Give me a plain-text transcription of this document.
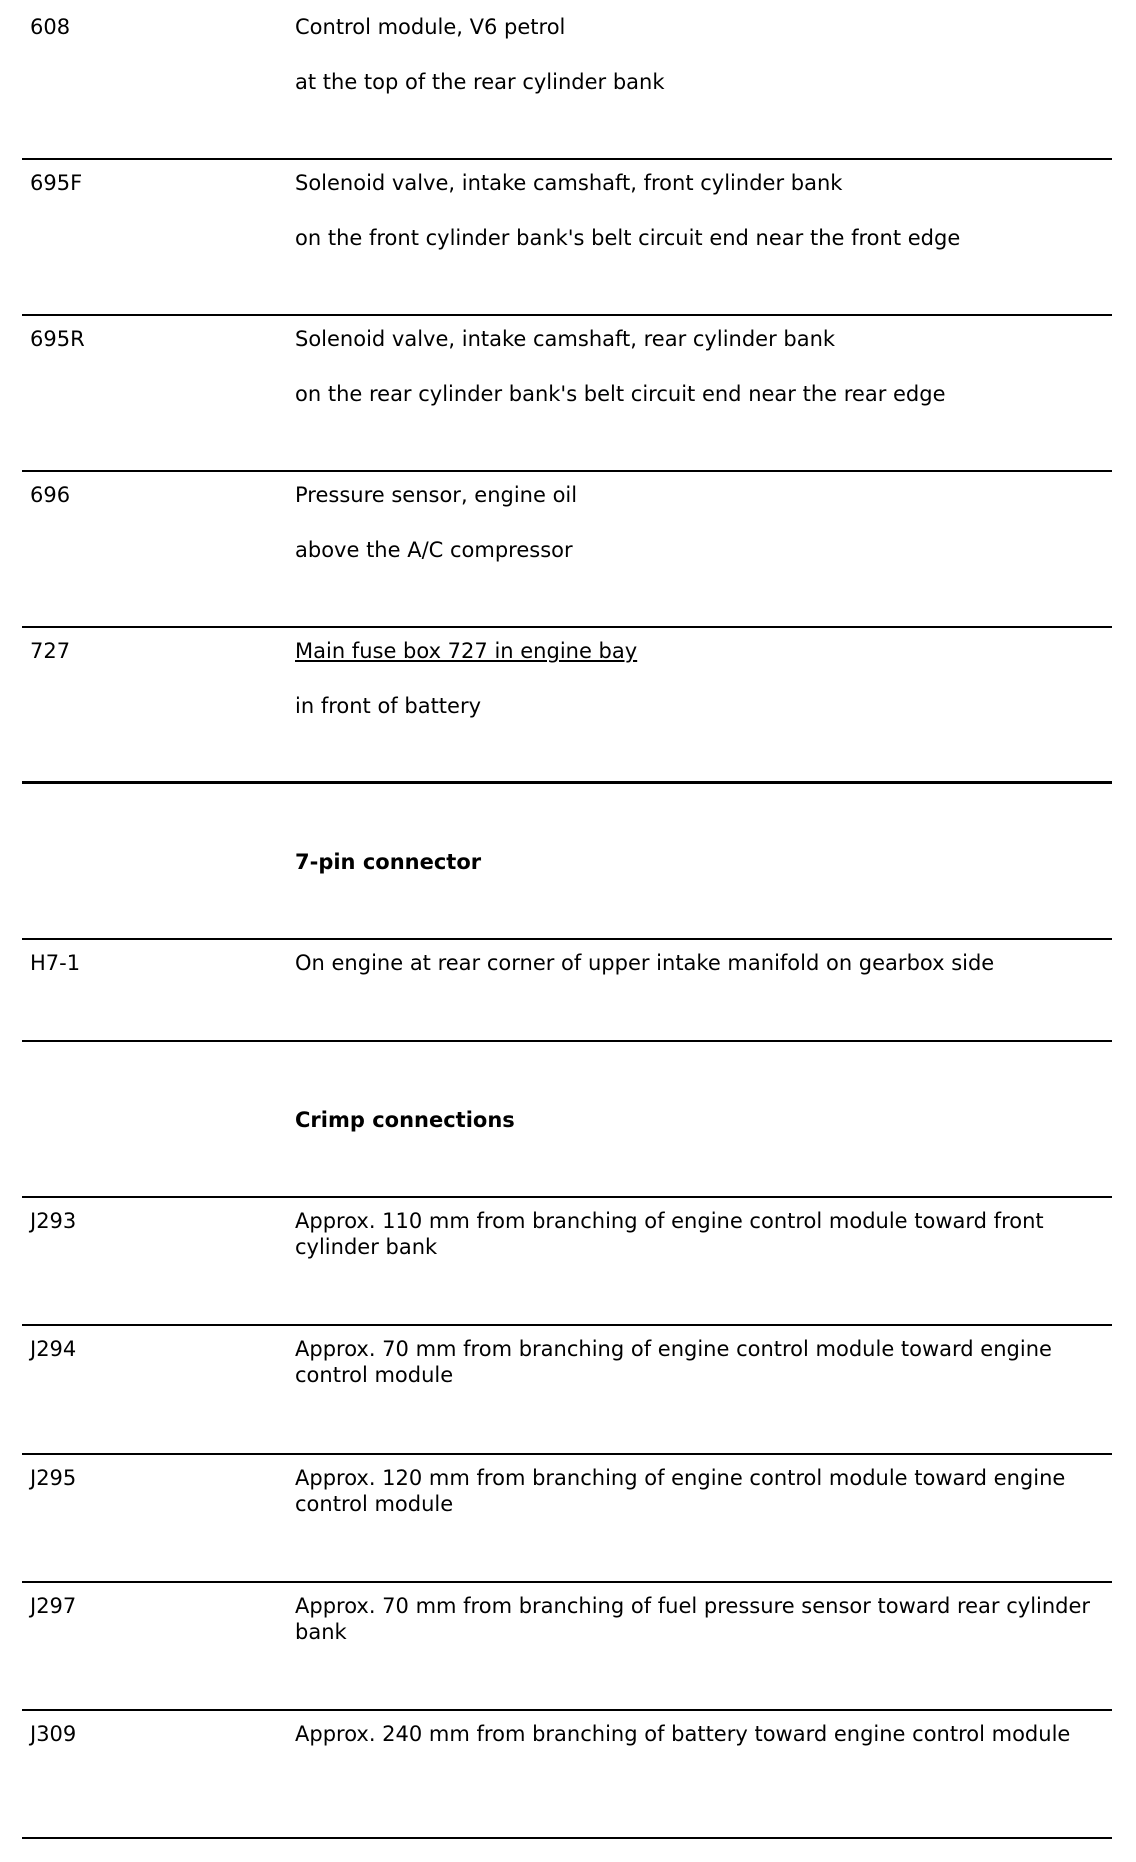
608	Control module, V6 petrol

at the top of the rear cylinder bank

695F	Solenoid valve, intake camshaft, front cylinder bank

on the front cylinder bank's belt circuit end near the front edge

695R	Solenoid valve, intake camshaft, rear cylinder bank

on the rear cylinder bank's belt circuit end near the rear edge

696	Pressure sensor, engine oil

above the A/C compressor

727	Main fuse box 727 in engine bay

in front of battery

7-pin connector
H7-1	On engine at rear corner of upper intake manifold on gearbox side
Crimp connections
J293	Approx. 110 mm from branching of engine control module toward front cylinder bank
J294	Approx. 70 mm from branching of engine control module toward engine control module
J295	Approx. 120 mm from branching of engine control module toward engine control module
J297	Approx. 70 mm from branching of fuel pressure sensor toward rear cylinder bank
J309	Approx. 240 mm from branching of battery toward engine control module
